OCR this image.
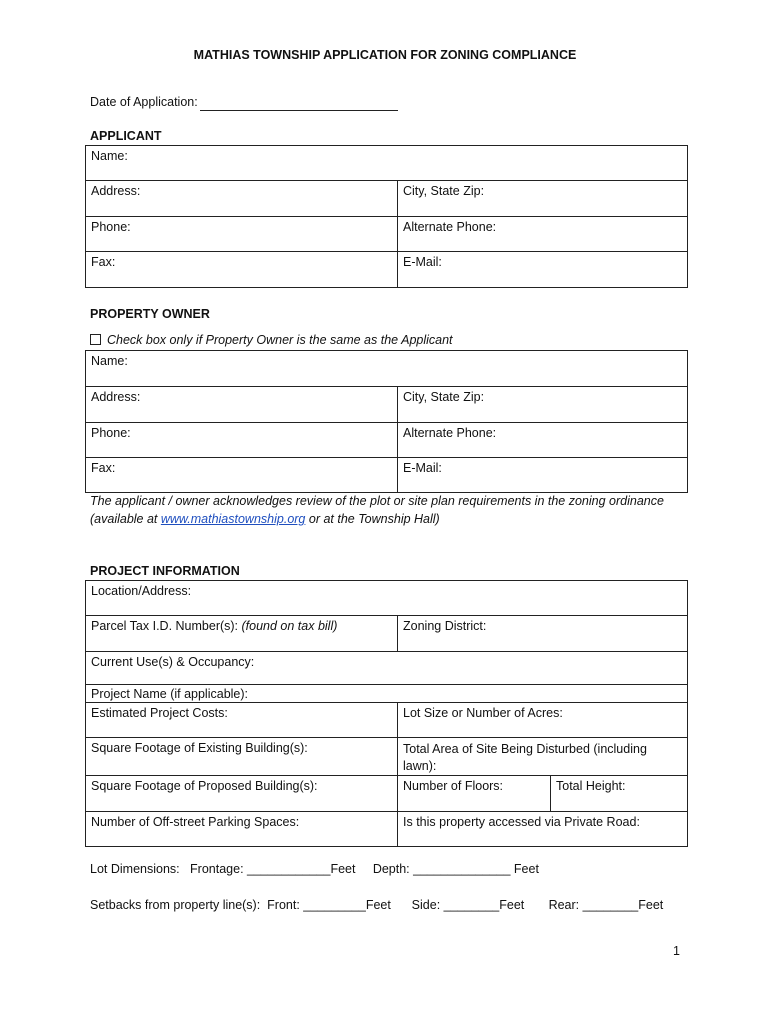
MATHIAS TOWNSHIP APPLICATION FOR ZONING COMPLIANCE
Date of Application:
APPLICANT
Name:	
Address:	City, State Zip:
Phone:	Alternate Phone:
Fax:	E-Mail:
PROPERTY OWNER
Check box only if Property Owner is the same as the Applicant
Name:	
Address:	City, State Zip:
Phone:	Alternate Phone:
Fax:	E-Mail:
The applicant / owner acknowledges review of the plot or site plan requirements in the zoning ordinance
(available at www.mathiastownship.org or at the Township Hall)
PROJECT INFORMATION
Location/Address:		
Parcel Tax I.D. Number(s): (found on tax bill)	Zoning District:	
Current Use(s) & Occupancy:		
Project Name (if applicable):		
Estimated Project Costs:	Lot Size or Number of Acres:	
Square Footage of Existing Building(s):	Total Area of Site Being Disturbed (including lawn):	
Square Footage of Proposed Building(s):	Number of Floors:	Total Height:
Number of Off-street Parking Spaces:	Is this property accessed via Private Road:	
Lot Dimensions:   Frontage: ____________Feet     Depth: ______________ Feet
Setbacks from property line(s):  Front: _________Feet      Side: ________Feet       Rear: ________Feet
1
